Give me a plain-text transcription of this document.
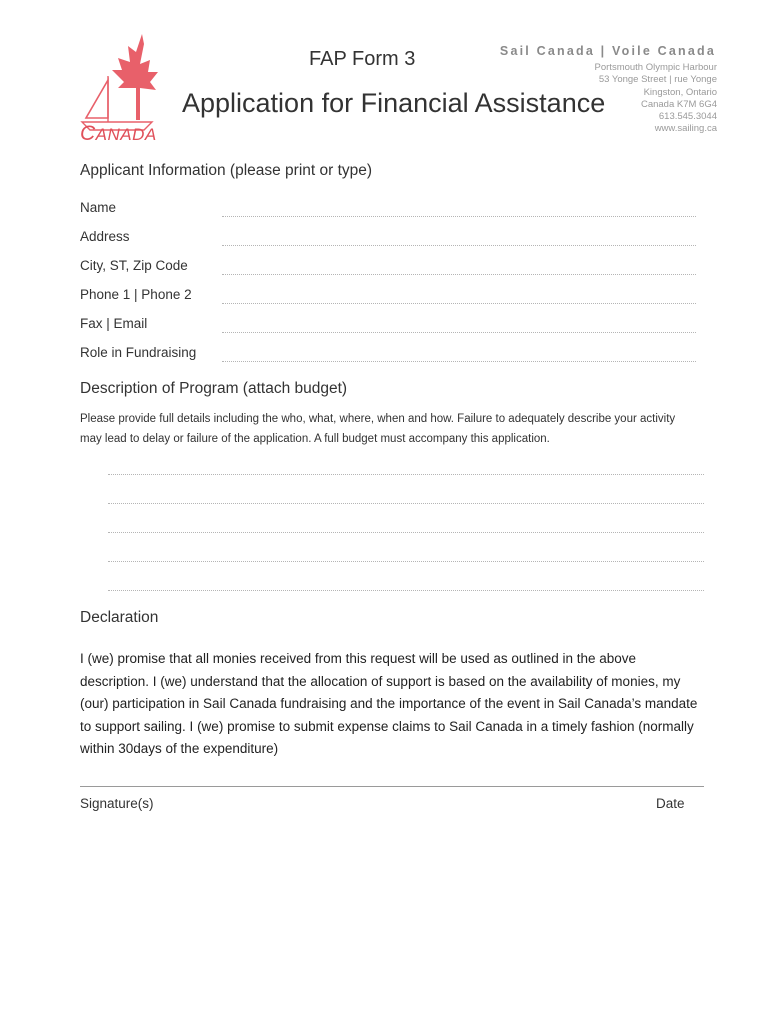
CANADA
FAP Form 3
Application for Financial Assistance
Sail Canada | Voile Canada
Portsmouth Olympic Harbour
53 Yonge Street | rue Yonge
Kingston, Ontario
Canada K7M 6G4
613.545.3044
www.sailing.ca
Applicant Information (please print or type)
Name
Address
City, ST, Zip Code
Phone 1 | Phone 2
Fax | Email
Role in Fundraising
Description of Program (attach budget)
Please provide full details including the who, what, where, when and how. Failure to adequately describe your activity may lead to delay or failure of the application. A full budget must accompany this application.
Declaration
I (we) promise that all monies received from this request will be used as outlined in the above description. I (we) understand that the allocation of support is based on the availability of monies, my (our) participation in Sail Canada fundraising and the importance of the event in Sail Canada’s mandate to support sailing. I (we) promise to submit expense claims to Sail Canada in a timely fashion (normally within 30days of the expenditure)
Signature(s)	Date
